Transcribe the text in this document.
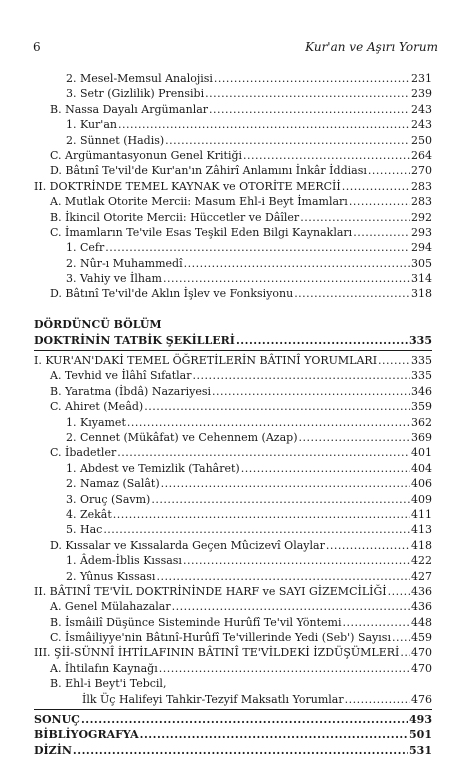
6	Kur'an ve Aşırı Yorum
2. Mesel-Memsul Analojisi .....	231
3. Setr (Gizlilik) Prensibi .....	239
B. Nassa Dayalı Argümanlar .....	243
1. Kur'an .....	243
2. Sünnet (Hadis) .....	250
C. Argümantasyonun Genel Kritiği .....	264
D. Bâtınî Te'vil'de Kur'an'ın Zâhirî Anlamını İnkâr İddiası .....	270
II. DOKTRİNDE TEMEL KAYNAK ve OTORİTE MERCİİ .....	283
A. Mutlak Otorite Mercii: Masum Ehl-i Beyt İmamları .....	283
B. İkincil Otorite Mercii: Hüccetler ve Dâîler .....	292
C. İmamların Te'vile Esas Teşkil Eden Bilgi Kaynakları .....	293
1. Cefr .....	294
2. Nûr-ı Muhammedî .....	305
3. Vahiy ve İlham .....	314
D. Bâtınî Te'vil'de Aklın İşlev ve Fonksiyonu .....	318
DÖRDÜNCÜ BÖLÜM
DOKTRİNİN TATBİK ŞEKİLLERİ .....	335
I. KUR'AN'DAKİ TEMEL ÖĞRETİLERİN BÂTINÎ YORUMLARI .....	335
A. Tevhid ve İlâhî Sıfatlar .....	335
B. Yaratma (İbdâ) Nazariyesi .....	346
C. Ahiret (Meâd) .....	359
1. Kıyamet .....	362
2. Cennet (Mükâfat) ve Cehennem (Azap) .....	369
C. İbadetler .....	401
1. Abdest ve Temizlik (Tahâret) .....	404
2. Namaz (Salât) .....	406
3. Oruç (Savm) .....	409
4. Zekât .....	411
5. Hac .....	413
D. Kıssalar ve Kıssalarda Geçen Mûcizevî Olaylar .....	418
1. Âdem-İblis Kıssası .....	422
2. Yûnus Kıssası .....	427
II. BÂTINÎ TE'VİL DOKTRİNİNDE HARF ve SAYI GİZEMCİLİĞİ ..... 436
A. Genel Mülahazalar .....	436
B. İsmâilî Düşünce Sisteminde Hurûfî Te'vil Yöntemi .....	448
C. İsmâiliyye'nin Bâtınî-Hurûfî Te'villerinde Yedi (Seb') Sayısı ..... 459
III. Şİİ-SÜNNÎ İHTİLAFININ BÂTINÎ TE'VİLDEKİ İZDÜŞÜMLERİ ..... 470
A. İhtilafın Kaynağı .....	470
B. Ehl-i Beyt'i Tebcil,
İlk Üç Halifeyi Tahkir-Tezyif Maksatlı Yorumlar .....	476
SONUÇ .....	493
BİBLİYOGRAFYA .....	501
DİZİN .....	531
